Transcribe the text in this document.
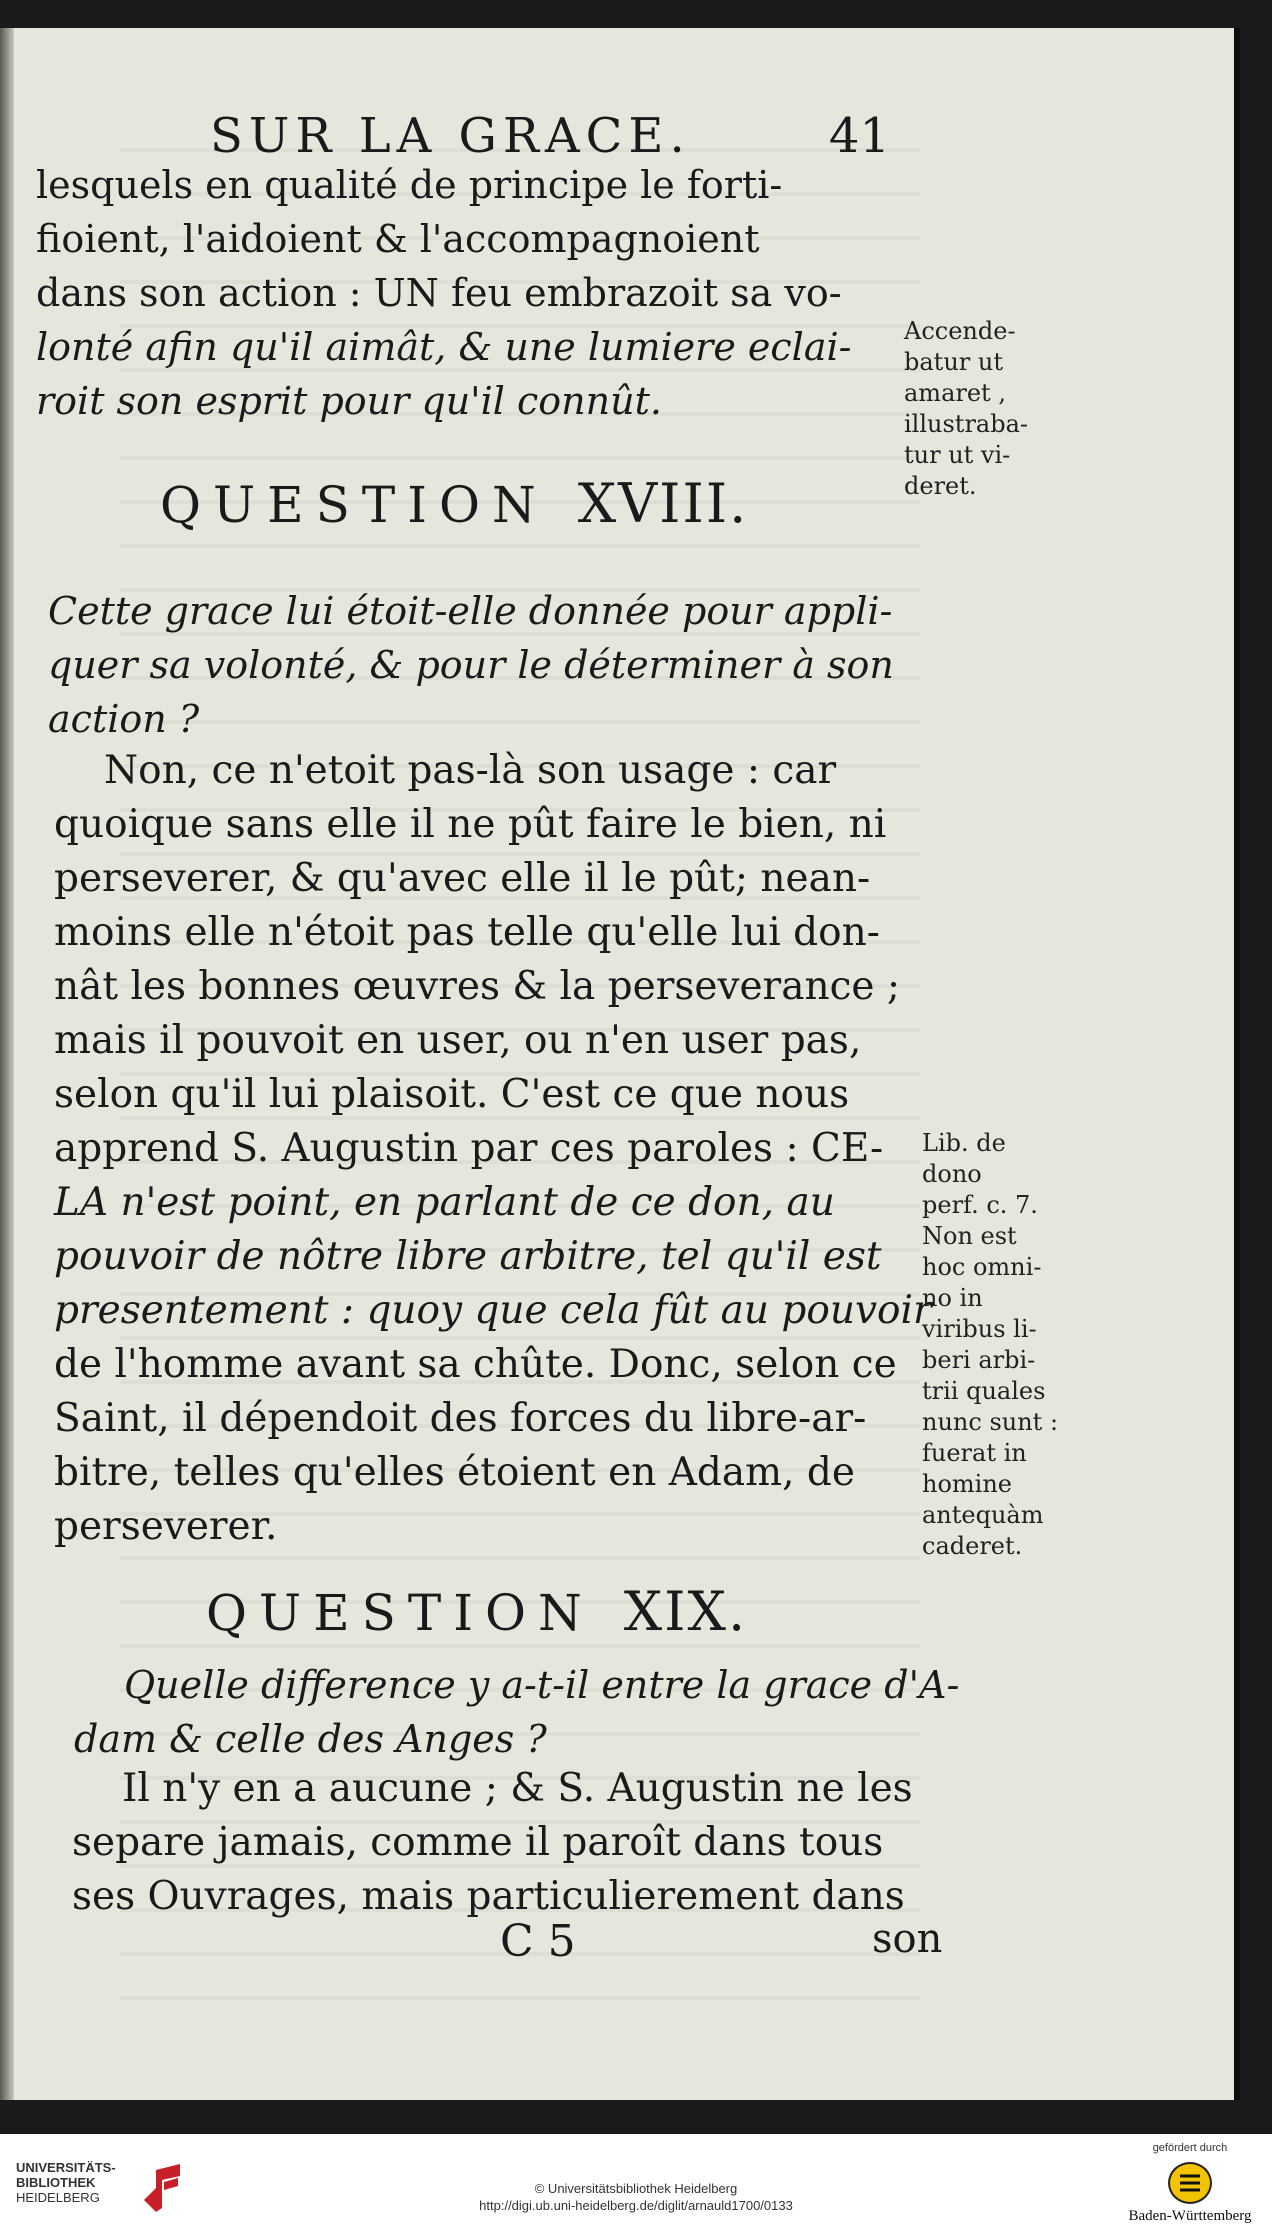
SUR LA GRACE.	41
lesquels en qualité de principe le forti-
fioient, l'aidoient & l'accompagnoient
dans son action : UN feu embrazoit sa vo-
lonté afin qu'il aimât, & une lumiere eclai-
roit son esprit pour qu'il connût.
Accende-
batur ut
amaret ,
illustraba-
tur ut vi-
deret.
QUESTION XVIII.
Cette grace lui étoit-elle donnée pour appli-
quer sa volonté, & pour le déterminer à son
action ?
Non, ce n'etoit pas-là son usage : car
quoique sans elle il ne pût faire le bien, ni
perseverer, & qu'avec elle il le pût; nean-
moins elle n'étoit pas telle qu'elle lui don-
nât les bonnes œuvres & la perseverance ;
mais il pouvoit en user, ou n'en user pas,
selon qu'il lui plaisoit. C'est ce que nous
apprend S. Augustin par ces paroles : CE-
LA n'est point, en parlant de ce don, au
pouvoir de nôtre libre arbitre, tel qu'il est
presentement : quoy que cela fût au pouvoir
de l'homme avant sa chûte. Donc, selon ce
Saint, il dépendoit des forces du libre-ar-
bitre, telles qu'elles étoient en Adam, de
perseverer.
Lib. de
dono
perf. c. 7.
Non est
hoc omni-
no in
viribus li-
beri arbi-
trii quales
nunc sunt :
fuerat in
homine
antequàm
caderet.
QUESTION XIX.
Quelle difference y a-t-il entre la grace d'A-
dam & celle des Anges ?
Il n'y en a aucune ; & S. Augustin ne les
separe jamais, comme il paroît dans tous
ses Ouvrages, mais particulierement dans
C 5	son
UNIVERSITÄTS-
BIBLIOTHEK
HEIDELBERG
© Universitätsbibliothek Heidelberg
http://digi.ub.uni-heidelberg.de/diglit/arnauld1700/0133
gefördert durch
Baden-Württemberg
